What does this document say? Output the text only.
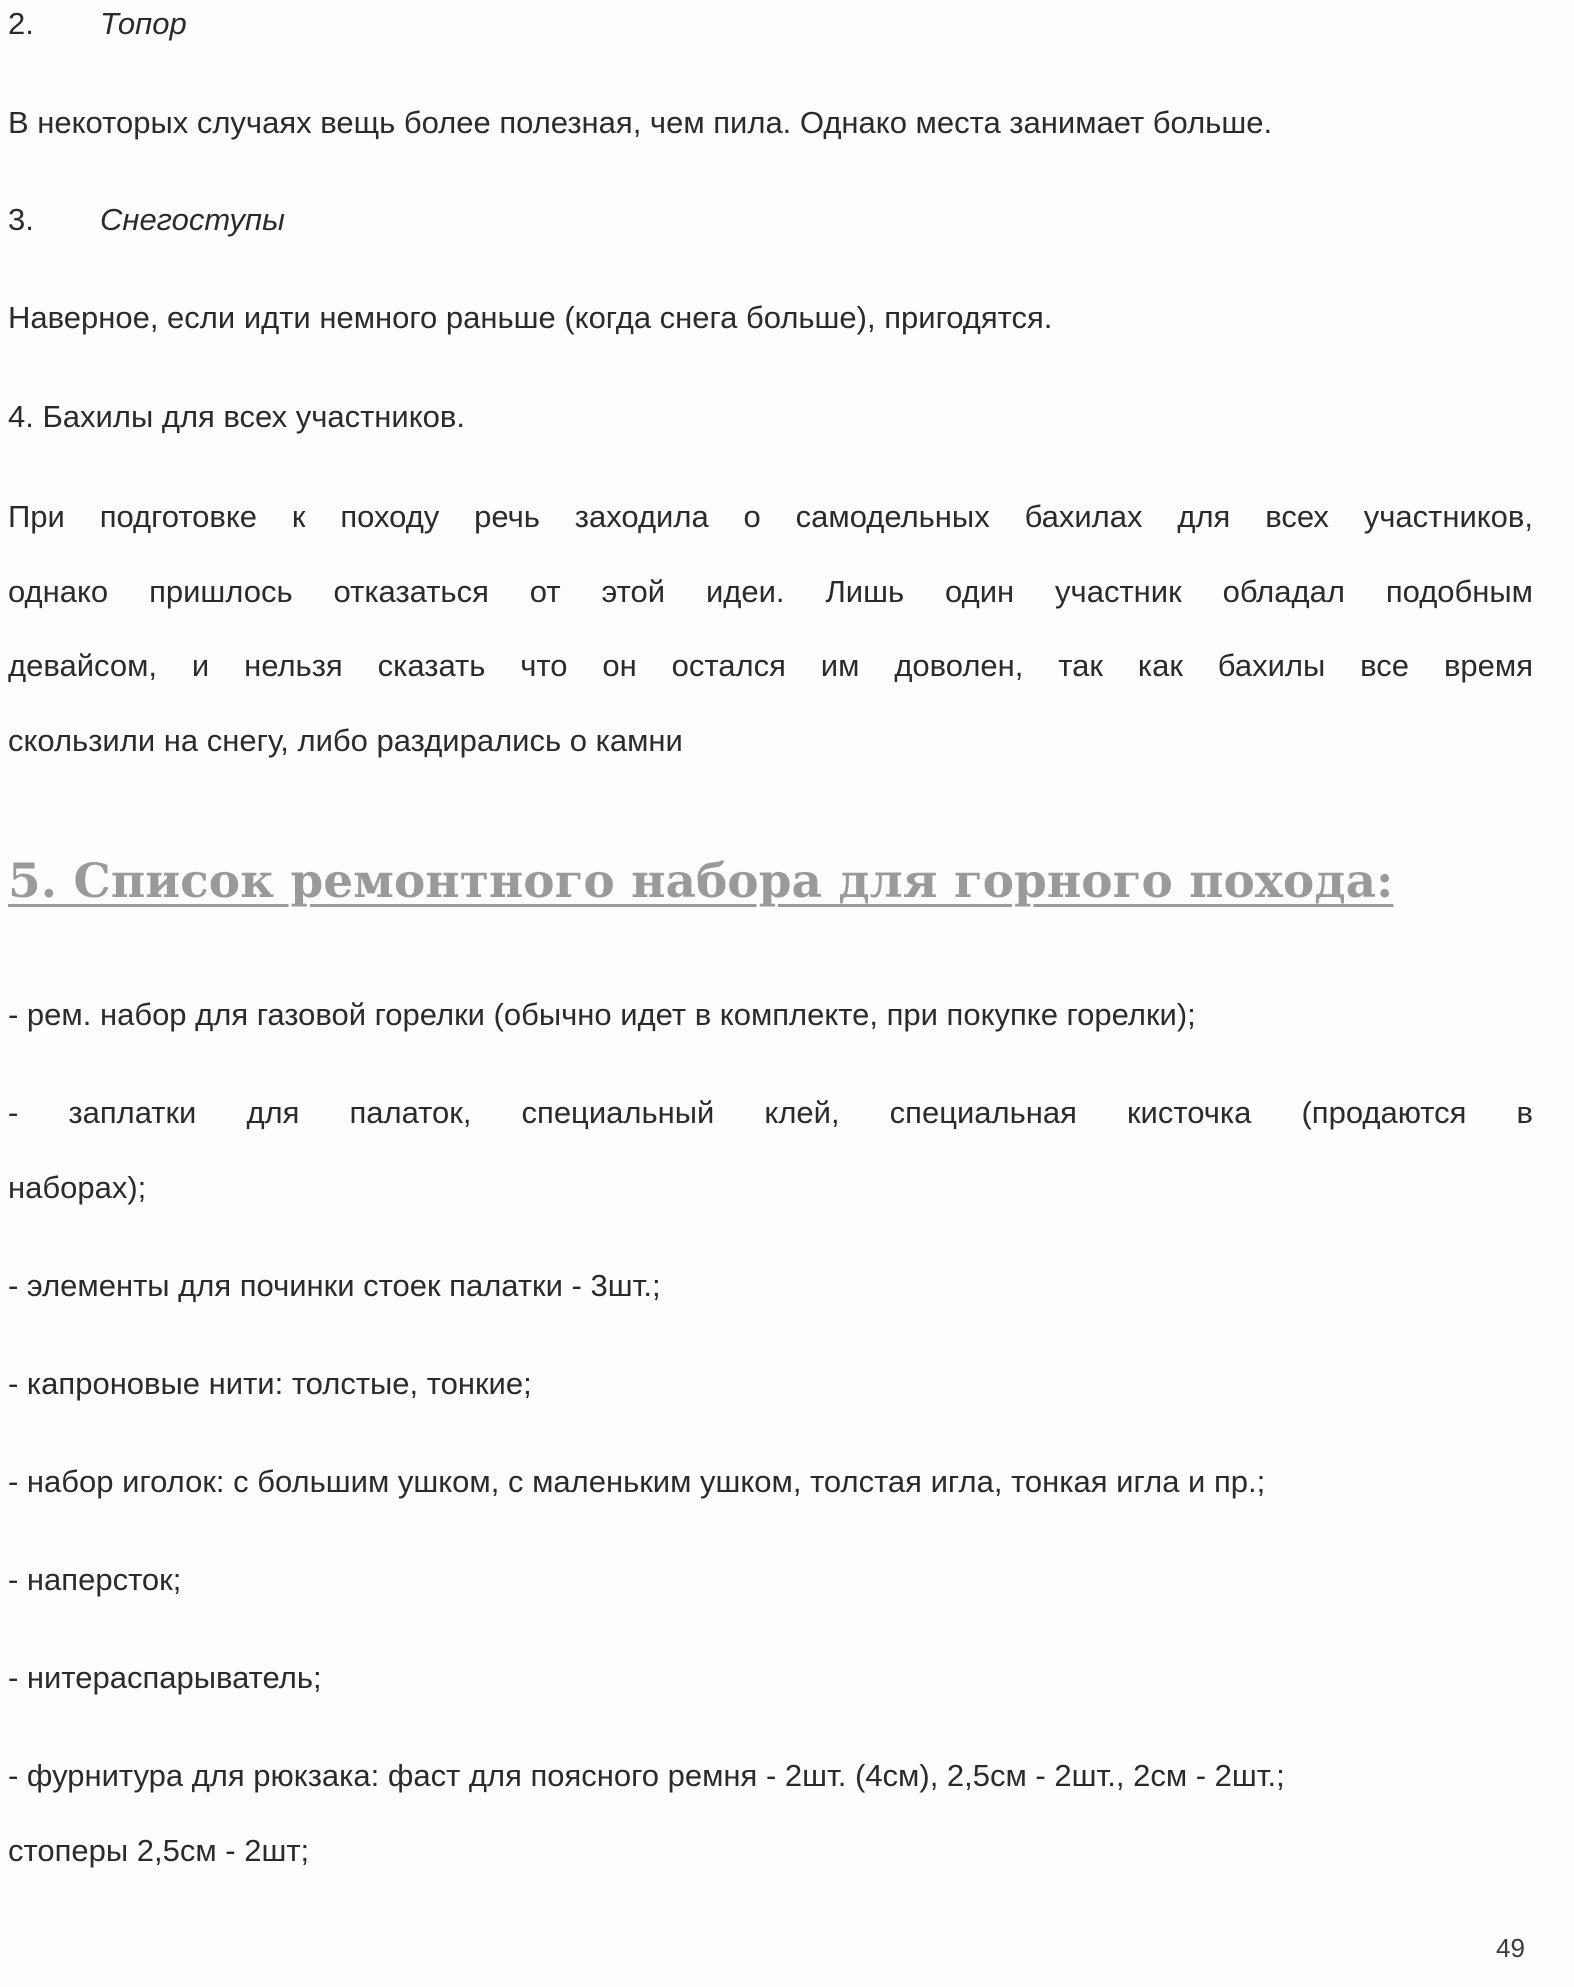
2. Топор
В некоторых случаях вещь более полезная, чем пила. Однако места занимает больше.
3. Снегоступы
Наверное, если идти немного раньше (когда снега больше), пригодятся.
4. Бахилы для всех участников.
При подготовке к походу речь заходила о самодельных бахилах для всех участников,
однако пришлось отказаться от этой идеи. Лишь один участник обладал подобным
девайсом, и нельзя сказать что он остался им доволен, так как бахилы все время
скользили на снегу, либо раздирались о камни
5. Список ремонтного набора для горного похода:
- рем. набор для газовой горелки (обычно идет в комплекте, при покупке горелки);
- заплатки для палаток, специальный клей, специальная кисточка (продаются в
наборах);
- элементы для починки стоек палатки - 3шт.;
- капроновые нити: толстые, тонкие;
- набор иголок: с большим ушком, с маленьким ушком, толстая игла, тонкая игла и пр.;
- наперсток;
- нитераспарыватель;
- фурнитура для рюкзака: фаст для поясного ремня - 2шт. (4см), 2,5см - 2шт., 2см - 2шт.;
стоперы 2,5см - 2шт;
49
